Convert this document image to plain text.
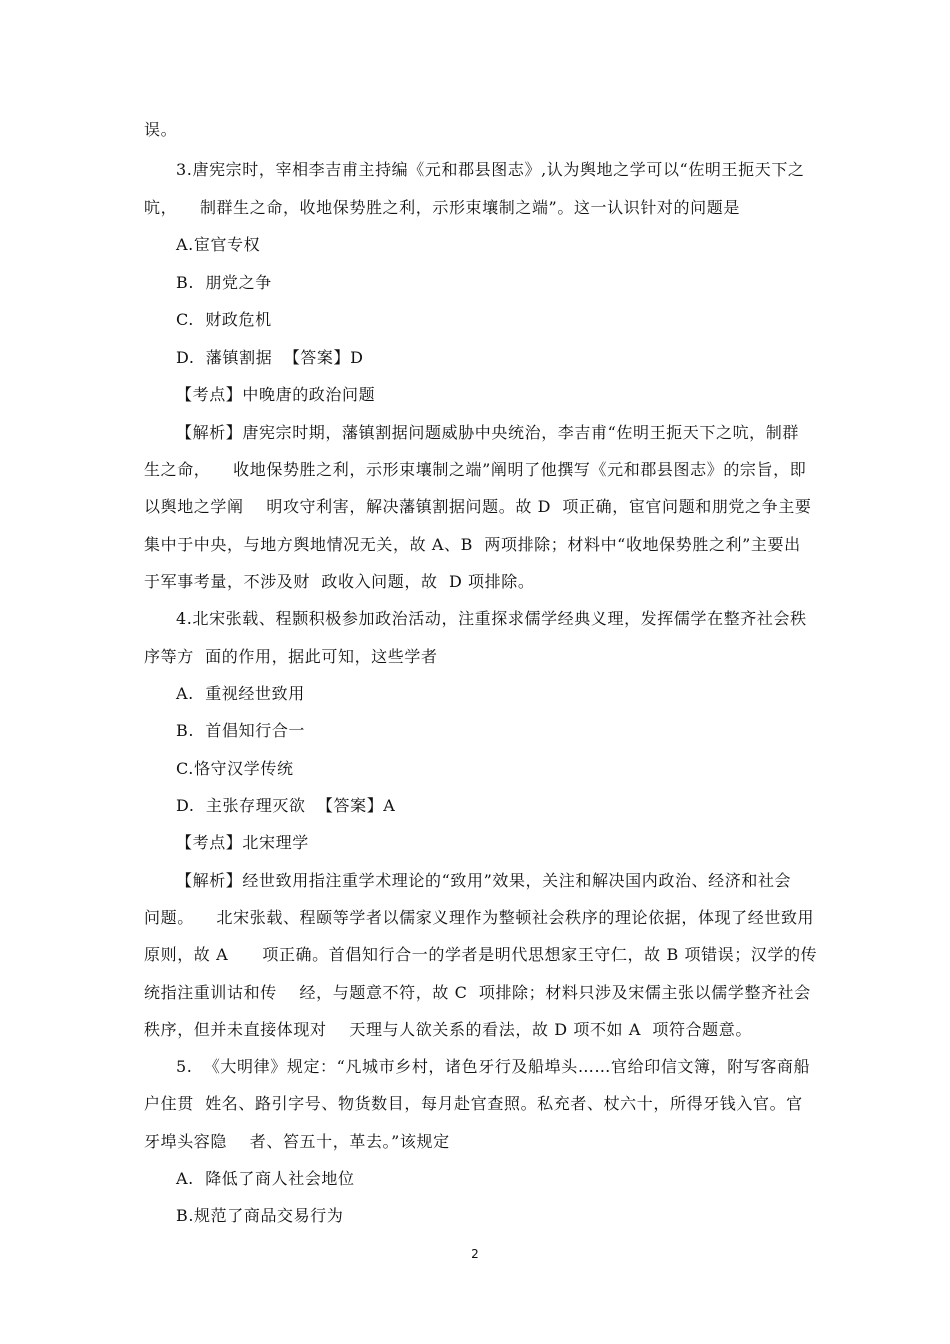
误。
3.唐宪宗时，宰相李吉甫主持编《元和郡县图志》,认为舆地之学可以“佐明王扼天下之
吭，    制群生之命，收地保势胜之利，示形束壤制之端”。这一认识针对的问题是
A.宦官专权
B.  朋党之争
C.  财政危机
D.  藩镇割据  【答案】D
【考点】中晚唐的政治问题
【解析】唐宪宗时期，藩镇割据问题威胁中央统治，李吉甫“佐明王扼天下之吭，制群
生之命，    收地保势胜之利，示形束壤制之端”阐明了他撰写《元和郡县图志》的宗旨，即
以舆地之学阐    明攻守利害，解决藩镇割据问题。故 D  项正确，宦官问题和朋党之争主要
集中于中央，与地方舆地情况无关，故 A、B  两项排除；材料中“收地保势胜之利”主要出
于军事考量，不涉及财  政收入问题，故  D 项排除。
4.北宋张载、程颢积极参加政治活动，注重探求儒学经典义理，发挥儒学在整齐社会秩
序等方  面的作用，据此可知，这些学者
A.  重视经世致用
B.  首倡知行合一
C.恪守汉学传统
D.  主张存理灭欲  【答案】A
【考点】北宋理学
【解析】经世致用指注重学术理论的“致用”效果，关注和解决国内政治、经济和社会
问题。    北宋张载、程颐等学者以儒家义理作为整顿社会秩序的理论依据，体现了经世致用
原则，故 A      项正确。首倡知行合一的学者是明代思想家王守仁，故 B 项错误；汉学的传
统指注重训诂和传    经，与题意不符，故 C  项排除；材料只涉及宋儒主张以儒学整齐社会
秩序，但并未直接体现对    天理与人欲关系的看法，故 D 项不如 A  项符合题意。
5.  《大明律》规定：“凡城市乡村，诸色牙行及船埠头……官给印信文簿，附写客商船
户住贯  姓名、路引字号、物货数目，每月赴官查照。私充者、杖六十，所得牙钱入官。官
牙埠头容隐    者、笞五十，革去。”该规定
A.  降低了商人社会地位
B.规范了商品交易行为
2
